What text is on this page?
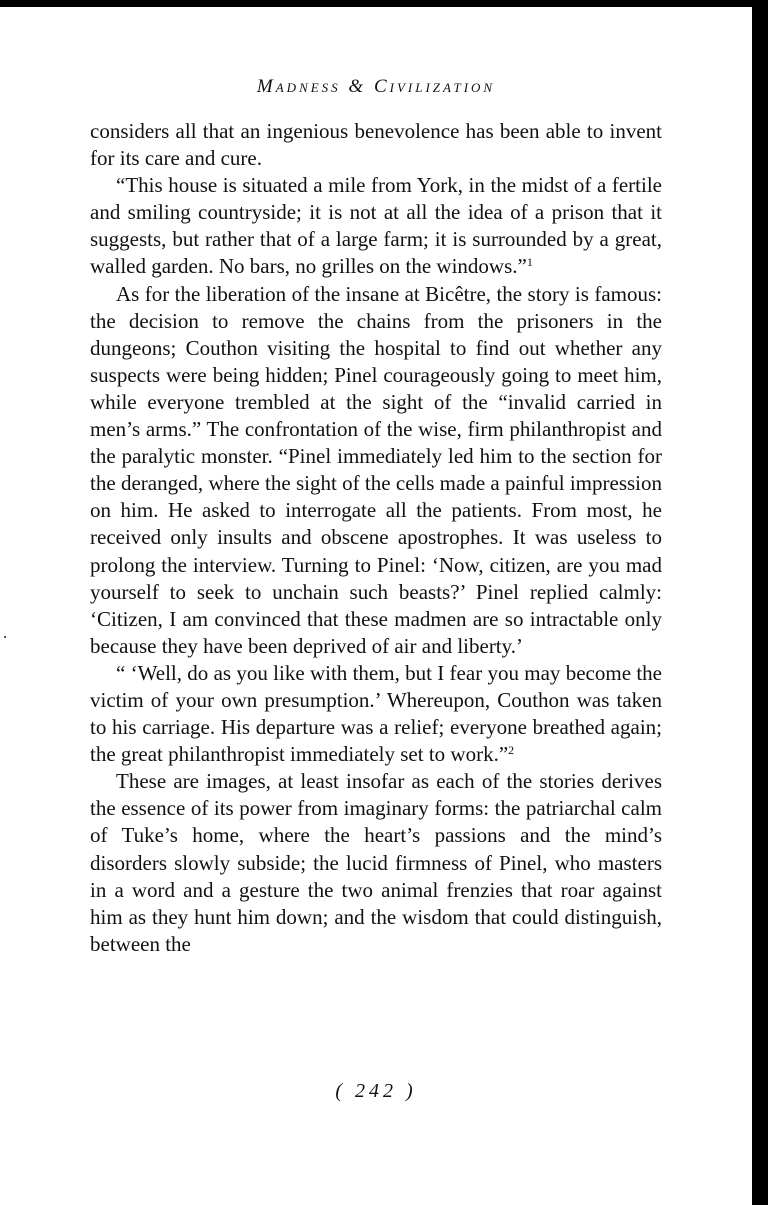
Madness & Civilization

considers all that an ingenious benevolence has been able to invent for its care and cure.

“This house is situated a mile from York, in the midst of a fertile and smiling countryside; it is not at all the idea of a prison that it suggests, but rather that of a large farm; it is surrounded by a great, walled garden. No bars, no grilles on the windows.”$^1$

As for the liberation of the insane at Bicêtre, the story is famous: the decision to remove the chains from the prisoners in the dungeons; Couthon visiting the hospital to find out whether any suspects were being hidden; Pinel courageously going to meet him, while everyone trembled at the sight of the “invalid carried in men’s arms.” The confrontation of the wise, firm philanthropist and the paralytic monster. “Pinel immediately led him to the section for the deranged, where the sight of the cells made a painful impression on him. He asked to interrogate all the patients. From most, he received only insults and obscene apostrophes. It was useless to prolong the interview. Turning to Pinel: ‘Now, citizen, are you mad yourself to seek to unchain such beasts?’ Pinel replied calmly: ‘Citizen, I am convinced that these madmen are so intractable only because they have been deprived of air and liberty.’

“ ‘Well, do as you like with them, but I fear you may become the victim of your own presumption.’ Whereupon, Couthon was taken to his carriage. His departure was a relief; everyone breathed again; the great philanthropist immediately set to work.”$^2$

These are images, at least insofar as each of the stories derives the essence of its power from imaginary forms: the patriarchal calm of Tuke’s home, where the heart’s passions and the mind’s disorders slowly subside; the lucid firmness of Pinel, who masters in a word and a gesture the two animal frenzies that roar against him as they hunt him down; and the wisdom that could distinguish, between the

( 242 )
